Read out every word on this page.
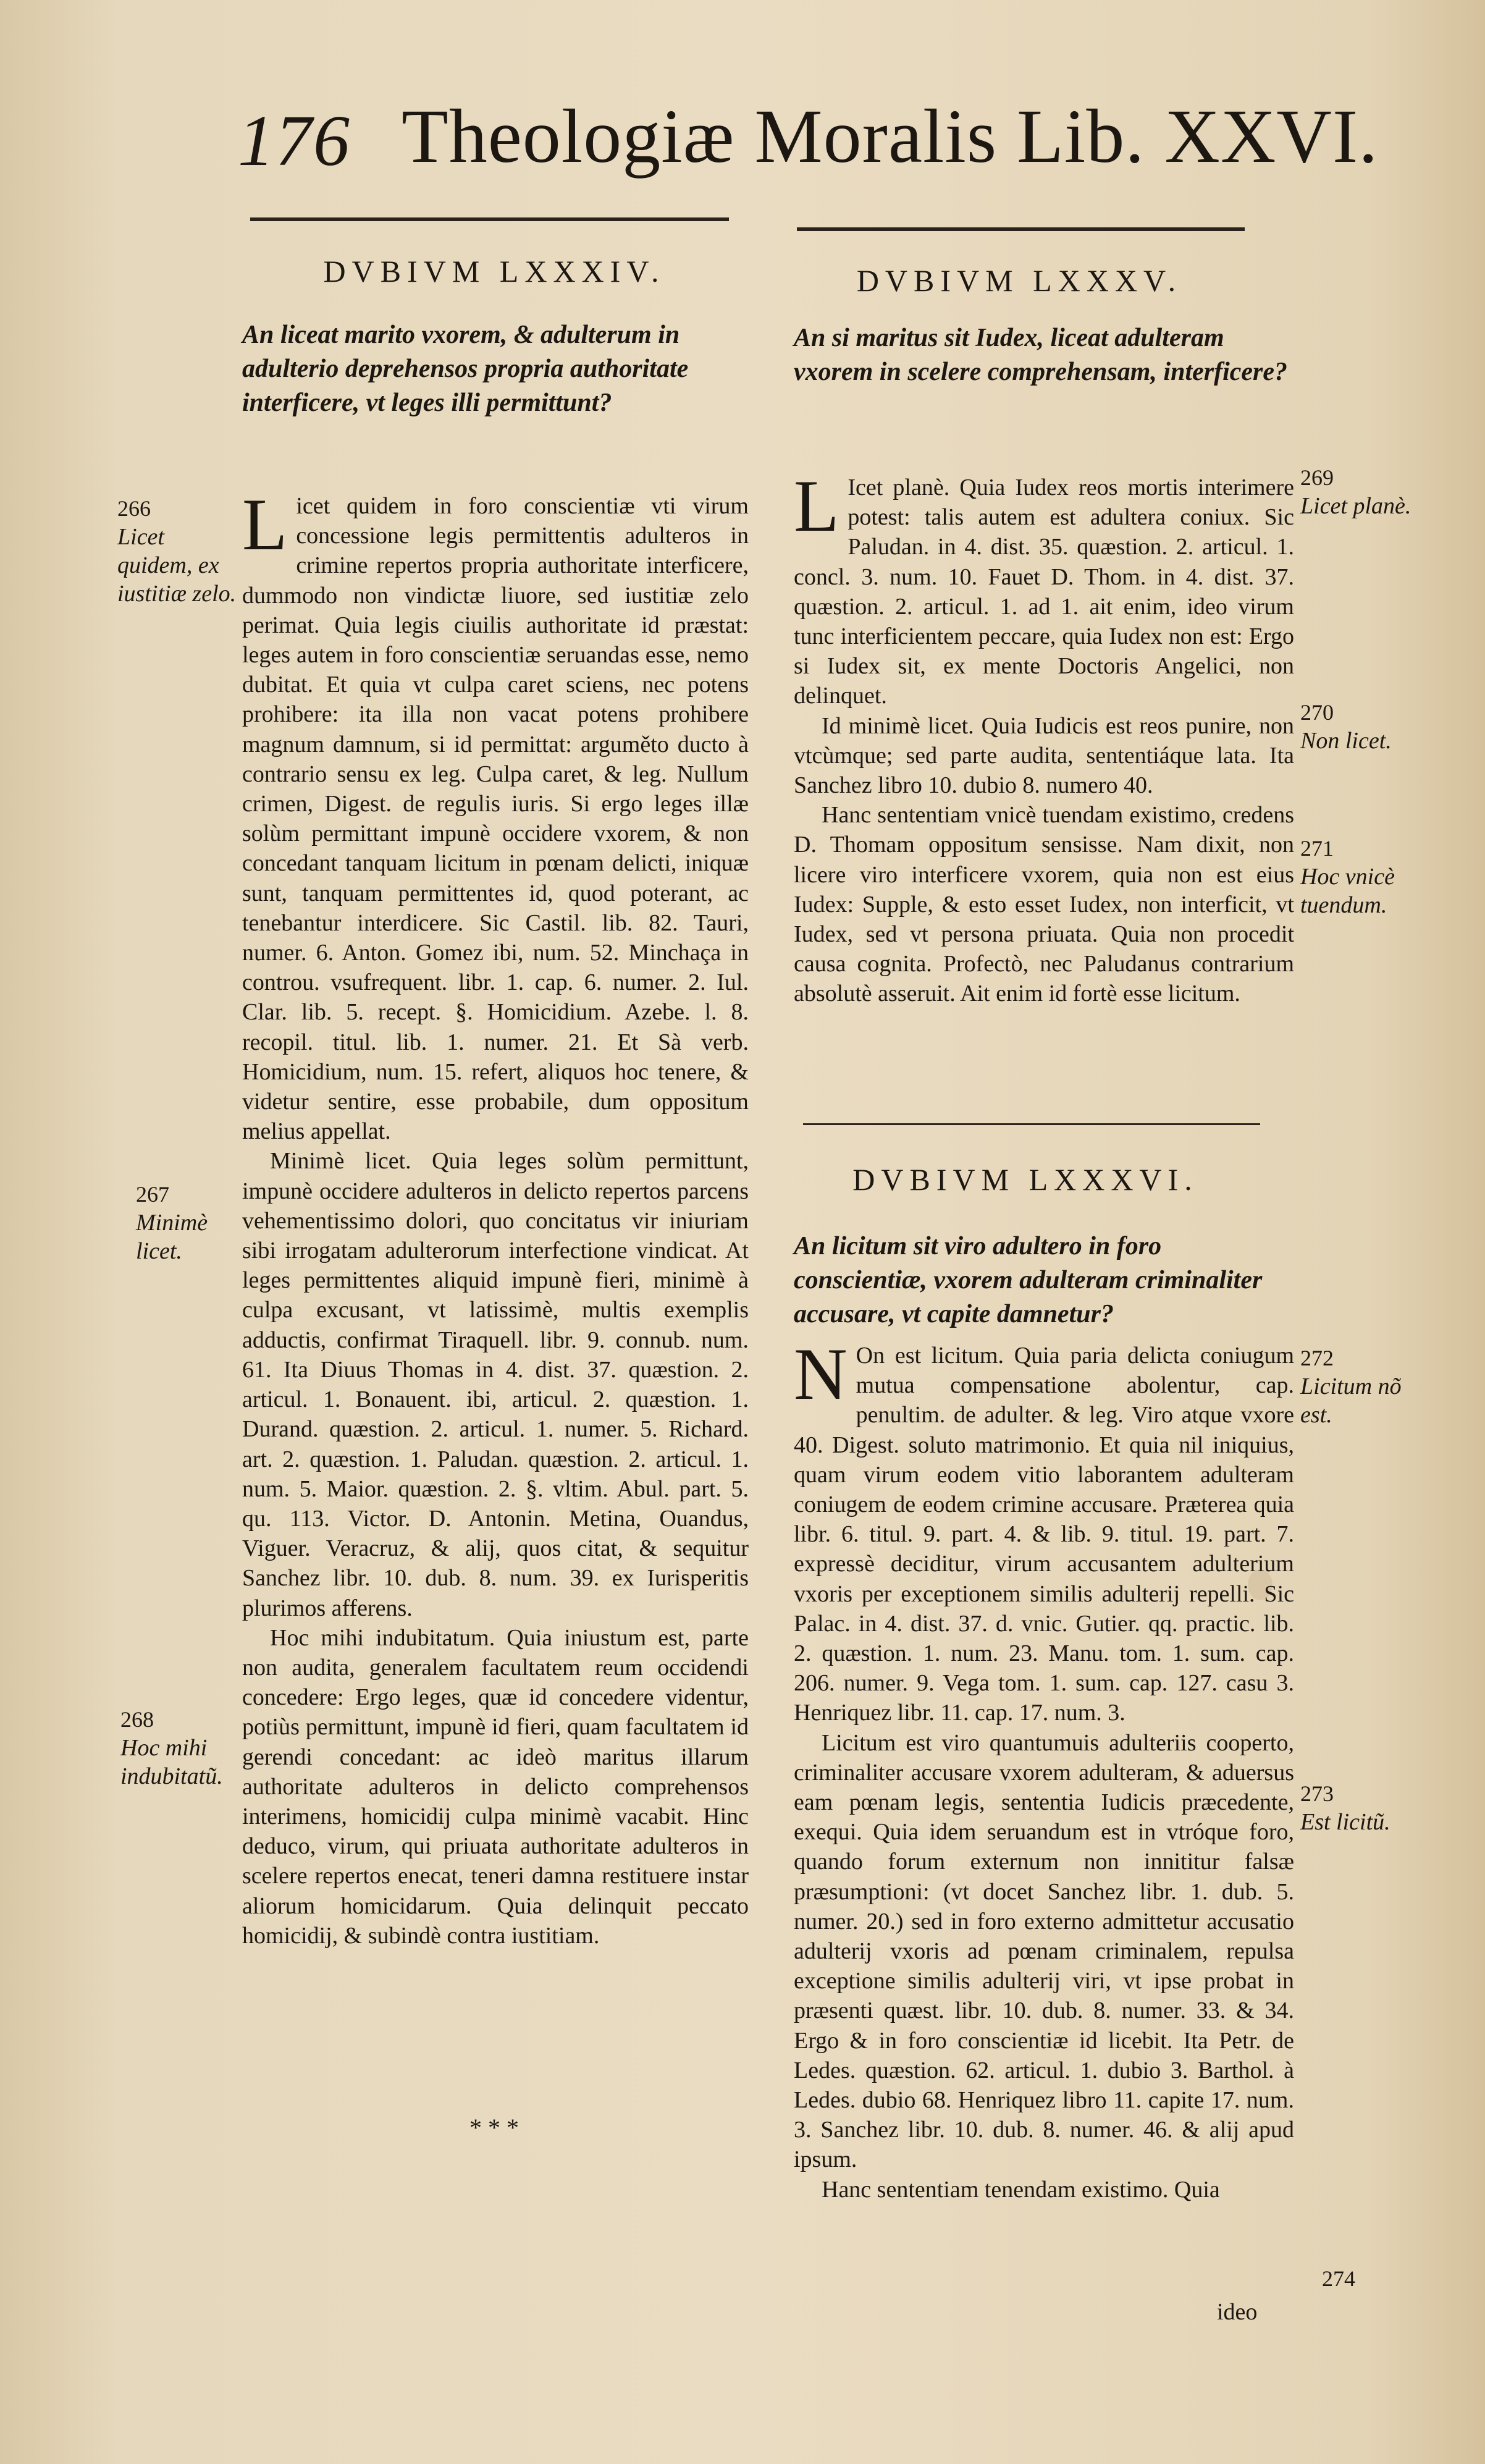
176 Theologiæ Moralis Lib. XXVI.
DVBIVM LXXXIV.
An liceat marito vxorem, & adulterum in adulterio deprehensos propria authoritate interficere, vt leges illi permittunt?

Licet quidem in foro conscientiæ vti virum concessione legis permittentis adulteros in crimine repertos propria authoritate interficere, dummodo non vindictæ liuore, sed iustitiæ zelo perimat. Quia legis ciuilis authoritate id præstat: leges autem in foro conscientiæ seruandas esse, nemo dubitat. Et quia vt culpa caret sciens, nec potens prohibere: ita illa non vacat potens prohibere magnum damnum, si id permittat: arguměto ducto à contrario sensu ex leg. Culpa caret, & leg. Nullum crimen, Digest. de regulis iuris. Si ergo leges illæ solùm permittant impunè occidere vxorem, & non concedant tanquam licitum in pœnam delicti, iniquæ sunt, tanquam permittentes id, quod poterant, ac tenebantur interdicere. Sic Castil. lib. 82. Tauri, numer. 6. Anton. Gomez ibi, num. 52. Minchaça in controu. vsufrequent. libr. 1. cap. 6. numer. 2. Iul. Clar. lib. 5. recept. §. Homicidium. Azebe. l. 8. recopil. titul. lib. 1. numer. 21. Et Sà verb. Homicidium, num. 15. refert, aliquos hoc tenere, & videtur sentire, esse probabile, dum oppositum melius appellat.

Minimè licet. Quia leges solùm permittunt, impunè occidere adulteros in delicto repertos parcens vehementissimo dolori, quo concitatus vir iniuriam sibi irrogatam adulterorum interfectione vindicat. At leges permittentes aliquid impunè fieri, minimè à culpa excusant, vt latissimè, multis exemplis adductis, confirmat Tiraquell. libr. 9. connub. num. 61. Ita Diuus Thomas in 4. dist. 37. quæstion. 2. articul. 1. Bonauent. ibi, articul. 2. quæstion. 1. Durand. quæstion. 2. articul. 1. numer. 5. Richard. art. 2. quæstion. 1. Paludan. quæstion. 2. articul. 1. num. 5. Maior. quæstion. 2. §. vltim. Abul. part. 5. qu. 113. Victor. D. Antonin. Metina, Ouandus, Viguer. Veracruz, & alij, quos citat, & sequitur Sanchez libr. 10. dub. 8. num. 39. ex Iurisperitis plurimos afferens.

Hoc mihi indubitatum. Quia iniustum est, parte non audita, generalem facultatem reum occidendi concedere: Ergo leges, quæ id concedere videntur, potiùs permittunt, impunè id fieri, quam facultatem id gerendi concedant: ac ideò maritus illarum authoritate adulteros in delicto comprehensos interimens, homicidij culpa minimè vacabit. Hinc deduco, virum, qui priuata authoritate adulteros in scelere repertos enecat, teneri damna restituere instar aliorum homicidarum. Quia delinquit peccato homicidij, & subindè contra iustitiam.

* * *
266
Licet quidem, ex iustitiæ zelo.
267
Minimè licet.
268
Hoc mihi indubitatũ.
DVBIVM LXXXV.
An si maritus sit Iudex, liceat adulteram vxorem in scelere comprehensam, interficere?

L Icet planè. Quia Iudex reos mortis interimere potest: talis autem est adultera coniux. Sic Paludan. in 4. dist. 35. quæstion. 2. articul. 1. concl. 3. num. 10. Fauet D. Thom. in 4. dist. 37. quæstion. 2. articul. 1. ad 1. ait enim, ideo virum tunc interficientem peccare, quia Iudex non est: Ergo si Iudex sit, ex mente Doctoris Angelici, non delinquet.

Id minimè licet. Quia Iudicis est reos punire, non vtcùmque; sed parte audita, sententiáque lata. Ita Sanchez libro 10. dubio 8. numero 40.

Hanc sententiam vnicè tuendam existimo, credens D. Thomam oppositum sensisse. Nam dixit, non licere viro interficere vxorem, quia non est eius Iudex: Supple, & esto esset Iudex, non interficit, vt Iudex, sed vt persona priuata. Quia non procedit causa cognita. Profectò, nec Paludanus contrarium absolutè asseruit. Ait enim id fortè esse licitum.

DVBIVM LXXXVI.
An licitum sit viro adultero in foro conscientiæ, vxorem adulteram criminaliter accusare, vt capite damnetur?

N On est licitum. Quia paria delicta coniugum mutua compensatione abolentur, cap. penultim. de adulter. & leg. Viro atque vxore 40. Digest. soluto matrimonio. Et quia nil iniquius, quam virum eodem vitio laborantem adulteram coniugem de eodem crimine accusare. Præterea quia libr. 6. titul. 9. part. 4. & lib. 9. titul. 19. part. 7. expressè deciditur, virum accusantem adulterium vxoris per exceptionem similis adulterij repelli. Sic Palac. in 4. dist. 37. d. vnic. Gutier. qq. practic. lib. 2. quæstion. 1. num. 23. Manu. tom. 1. sum. cap. 206. numer. 9. Vega tom. 1. sum. cap. 127. casu 3. Henriquez libr. 11. cap. 17. num. 3.

Licitum est viro quantumuis adulteriis cooperto, criminaliter accusare vxorem adulteram, & aduersus eam pœnam legis, sententia Iudicis præcedente, exequi. Quia idem seruandum est in vtróque foro, quando forum externum non innititur falsæ præsumptioni: (vt docet Sanchez libr. 1. dub. 5. numer. 20.) sed in foro externo admittetur accusatio adulterij vxoris ad pœnam criminalem, repulsa exceptione similis adulterij viri, vt ipse probat in præsenti quæst. libr. 10. dub. 8. numer. 33. & 34. Ergo & in foro conscientiæ id licebit. Ita Petr. de Ledes. quæstion. 62. articul. 1. dubio 3. Barthol. à Ledes. dubio 68. Henriquez libro 11. capite 17. num. 3. Sanchez libr. 10. dub. 8. numer. 46. & alij apud ipsum.

Hanc sententiam tenendam existimo. Quia

ideo
269
Licet planè.
270
Non licet.
271
Hoc vnicè tuendum.
272
Licitum nõ est.
273
Est licitũ.
274
